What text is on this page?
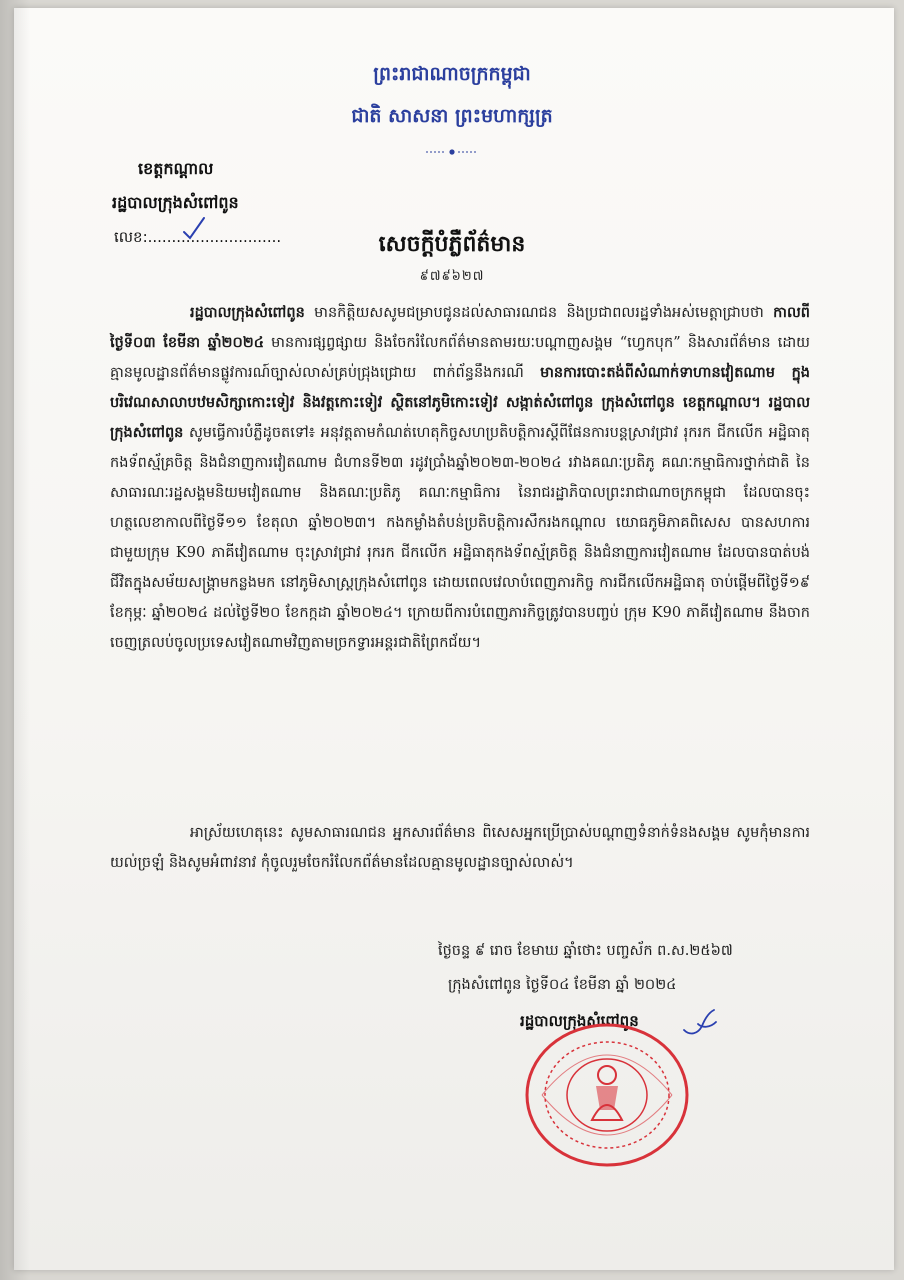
ព្រះរាជាណាចក្រកម្ពុជា
ជាតិ សាសនា ព្រះមហាក្សត្រ
ខេត្តកណ្តាល
រដ្ឋបាលក្រុងសំពៅពូន
លេខ:............................	សេចក្តីបំភ្លឺព័ត៌មាន
៩៧៩៦២៧

រដ្ឋបាលក្រុងសំពៅពូន មានកិត្តិយសសូមជម្រាបជូនដល់សាធារណជន និងប្រជាពលរដ្ឋទាំងអស់មេត្តាជ្រាបថា កាលពីថ្ងៃទី០៣ ខែមីនា ឆ្នាំ២០២៤ មានការផ្សព្វផ្សាយ និងចែករំលែកព័ត៌មានតាមរយៈបណ្តាញសង្គម “ហ្វេកបុក” និងសារព័ត៌មាន ដោយគ្មានមូលដ្ឋានព័ត៌មានផ្លូវការណ៍ច្បាស់លាស់គ្រប់ជ្រុងជ្រោយ ពាក់ព័ន្ធនឹងករណី មានការបោះតង់ពីសំណាក់ទាហានវៀតណាម ក្នុងបរិវេណសាលាបឋមសិក្សាកោះទៀវ និងវត្តកោះទៀវ ស្ថិតនៅភូមិកោះទៀវ សង្កាត់សំពៅពូន ក្រុងសំពៅពូន ខេត្តកណ្តាល។ រដ្ឋបាលក្រុងសំពៅពូន សូមធ្វើការបំភ្លឺដូចតទៅ៖ អនុវត្តតាមកំណត់ហេតុកិច្ចសហប្រតិបត្តិការស្តីពីផែនការបន្តស្រាវជ្រាវ រុករក ជីកលើក អដ្ឋិធាតុកងទ័ពស្ម័គ្រចិត្ត និងជំនាញការវៀតណាម ជំហានទី២៣ រដូវប្រាំងឆ្នាំ២០២៣-២០២៤ រវាងគណៈប្រតិភូ គណៈកម្មាធិការថ្នាក់ជាតិ នៃសាធារណៈរដ្ឋសង្គមនិយមវៀតណាម និងគណៈប្រតិភូ គណៈកម្មាធិការ នៃរាជរដ្ឋាភិបាលព្រះរាជាណាចក្រកម្ពុជា ដែលបានចុះហត្ថលេខាកាលពីថ្ងៃទី១១ ខែតុលា ឆ្នាំ២០២៣។ កងកម្លាំងតំបន់ប្រតិបត្តិការសឹករងកណ្តាល យោធភូមិភាគពិសេស បានសហការជាមួយក្រុម K90 ភាគីវៀតណាម ចុះស្រាវជ្រាវ រុករក ជីកលើក អដ្ឋិធាតុកងទ័ពស្ម័គ្រចិត្ត និងជំនាញការវៀតណាម ដែលបានបាត់បង់ជីវិតក្នុងសម័យសង្គ្រាមកន្លងមក នៅភូមិសាស្ត្រក្រុងសំពៅពូន ដោយពេលវេលាបំពេញភារកិច្ច ការជីកលើកអដ្ឋិធាតុ ចាប់ផ្តើមពីថ្ងៃទី១៩ ខែកុម្ភៈ ឆ្នាំ២០២៤ ដល់ថ្ងៃទី២០ ខែកក្កដា ឆ្នាំ២០២៤។ ក្រោយពីការបំពេញភារកិច្ចត្រូវបានបញ្ចប់ ក្រុម K90 ភាគីវៀតណាម នឹងចាកចេញត្រលប់ចូលប្រទេសវៀតណាមវិញតាមច្រកទ្វារអន្តរជាតិព្រែកជ័យ។

អាស្រ័យហេតុនេះ សូមសាធារណជន អ្នកសារព័ត៌មាន ពិសេសអ្នកប្រើប្រាស់បណ្តាញទំនាក់ទំនងសង្គម សូមកុំមានការយល់ច្រឡំ និងសូមអំពាវនាវ កុំចូលរួមចែករំលែកព័ត៌មានដែលគ្មានមូលដ្ឋានច្បាស់លាស់។

ថ្ងៃចន្ទ ៩ រោច ខែមាឃ ឆ្នាំថោះ បញ្ចស័ក ព.ស.២៥៦៧
ក្រុងសំពៅពូន ថ្ងៃទី០៤ ខែមីនា ឆ្នាំ ២០២៤
រដ្ឋបាលក្រុងសំពៅពូន
